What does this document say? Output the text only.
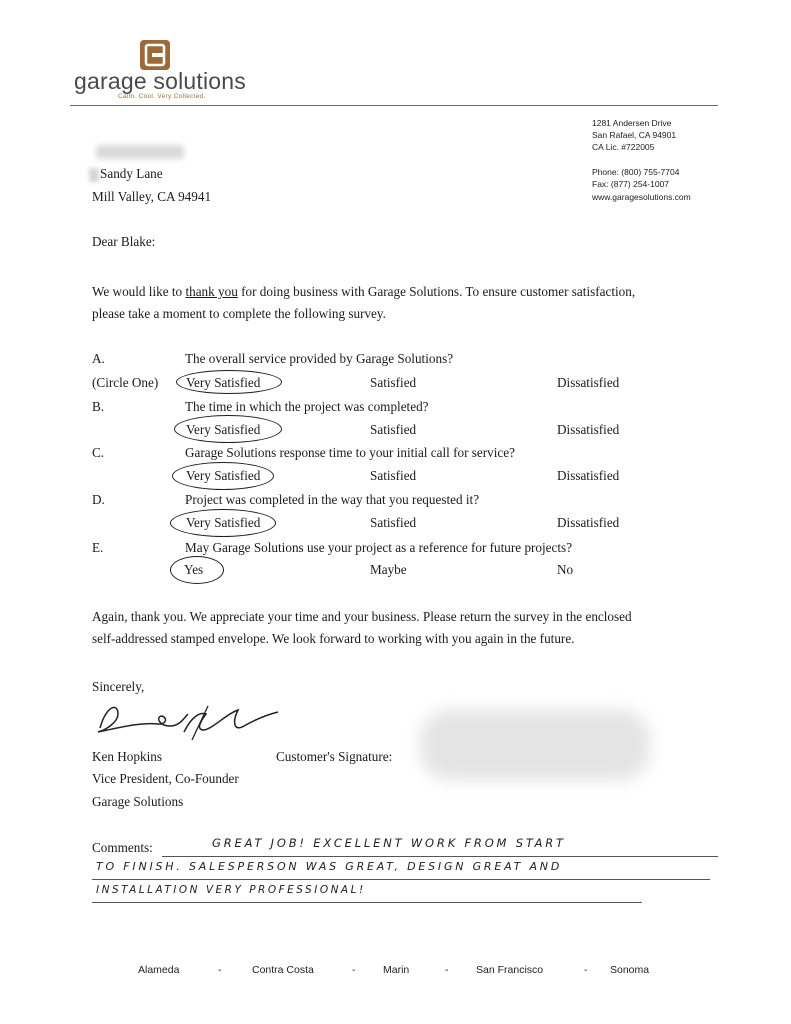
garage solutions
Calm. Cool. Very Collected.
1281 Andersen Drive
San Rafael, CA 94901
CA Lic. #722005
Phone: (800) 755-7704
Fax: (877) 254-1007
www.garagesolutions.com
Sandy Lane
Mill Valley, CA 94941
Dear Blake:
We would like to thank you for doing business with Garage Solutions. To ensure customer satisfaction,
please take a moment to complete the following survey.
A.	The overall service provided by Garage Solutions?
(Circle One) Very Satisfied	Satisfied	Dissatisfied
B.	The time in which the project was completed?
Very Satisfied	Satisfied	Dissatisfied
C.	Garage Solutions response time to your initial call for service?
Very Satisfied	Satisfied	Dissatisfied
D.	Project was completed in the way that you requested it?
Very Satisfied	Satisfied	Dissatisfied
E.	May Garage Solutions use your project as a reference for future projects?
Yes	Maybe	No
Again, thank you. We appreciate your time and your business. Please return the survey in the enclosed
self-addressed stamped envelope. We look forward to working with you again in the future.
Sincerely,
Ken Hopkins	Customer's Signature:
Vice President, Co-Founder
Garage Solutions
Comments:	GREAT JOB! EXCELLENT WORK FROM START
TO FINISH. SALESPERSON WAS GREAT, DESIGN GREAT AND
INSTALLATION VERY PROFESSIONAL!
Alameda	-	Contra Costa	-	Marin	-	San Francisco	- Sonoma
